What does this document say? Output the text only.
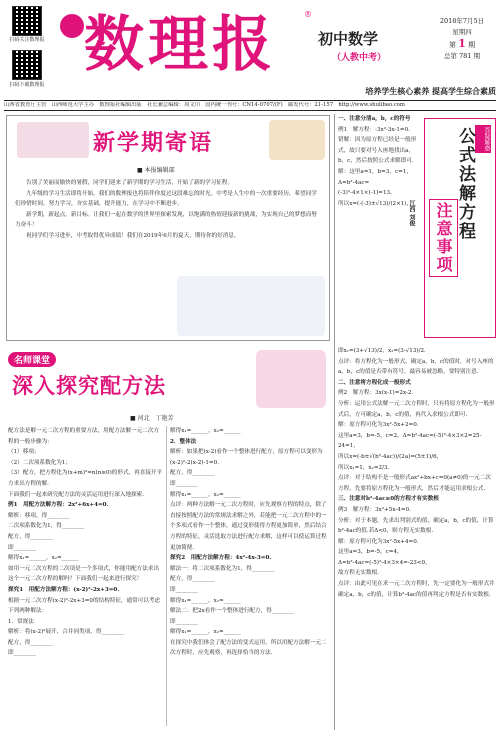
扫码关注数理报
扫码下载数理报
数理报	®
初中数学
（人教中考）
2018年7月5日
星期四
第 1 期
总第 781 期
培养学生核心素养 提高学生综合素质
山西省教育厅主管　山西师范大学主办　数理报社编辑出版　社长兼总编辑：周文川　国内统一刊号：CN14-0707/(F)　邮发代号：21-157　http://www.shulibao.com
新学期寄语
■ 本报编辑部

告别了美丽而愉快的暑假，同学们迎来了新学期的学习生活，开始了新的学习征程。

九年级的学习生活即将开始，我们的数理报也将陪伴你度过这段难忘的时光。中考是人生中的一次重要经历，希望同学们珍惜时间，努力学习，夯实基础，提升能力，在学习中不断进步。

新学期，新起点，新目标。让我们一起在数学的世界里探索发现，以饱满的热情迎接新的挑战，为实现自己的梦想而努力奋斗！

祝同学们学习进步，中考取得优异成绩！我们在2019年6月的夏天，期待你的好消息。

名师课堂
深入探究配方法
■ 河北　丁艳芳

配方法是解一元二次方程的重要方法，用配方法解一元二次方程的一般步骤为：

（1）移项；

（2）二次项系数化为1；

（3）配方，把方程化为(x+m)²=n(n≥0)的形式，再直接开平方求出方程的解.

下面我们一起来研究配方法的灵活运用进行深入地探索.

例1　用配方法解方程：2x²+6x+4=0.

解析：移项，得________

二次项系数化为1，得________

配方，得________

即________

解得x₁=______，x₂=______

如用一元二次方程的二次项是一个多项式，你能用配方法求出这个一元二次方程的解吗？下面我们一起来进行探究！

探究1　用配方法解方程：(x-2)²-2x+3=0.

根据一元二次方程(x-2)²-2x+3=0的结构特征，通常可以考虑下列两种解法：

1．常规法

解析：将(x-2)²展开，合并同类项，得________

配方，得________

即________

解得x₁=______，x₂=______

2．整体法

解析：如果把(x-2)看作一个整体进行配方，原方程可以变形为(x-2)²-2(x-2)-1=0.

配方，得________

即________

解得x₁=______，x₂=______

点评：两种方法解一元二次方程时，应先观察方程的特点，除了直接按照配方法的常规法求解之外，若能把一元二次方程中的一个多项式看作一个整体，通过变形使得方程更加简单，然后结合方程的特征，灵活选取方法进行配方求解，这样可以使运算过程更加简便.

探究2　用配方法解方程：4x²-4x-3=0.

解法一：将二次项系数化为1，得________

配方，得________

即________

解得x₁=______，x₂=______

解法二：把2x看作一个整体进行配方，得________

即________

解得x₁=______，x₂=______

在探究中我们体会了配方法的变式运用，所以用配方法解一元二次方程时，应先观察，再选择恰当的方法.

一、注意分清a，b，c的符号

例1　解方程：-3x²-3x-1=0.

错解：因为原方程已经是一般形式，故只要对号入座地找出a，b，c，然后按照公式求解即可.

解：这里a=1，b=3，c=1，Δ=b²-4ac=(-3)²-4×1×(-1)=13，

所以x=(-(-3)±√13)/(2×1)，

江西 刘俊
答疑解惑
公式法解方程
注意事项

即x₁=(3+√13)/2，x₂=(3-√13)/2.

点评：将方程化为一般形式，确定a，b，c的值时，对号入座的a，b，c的值是否带有符号，最容易被忽略，要特别注意.

二、注意将方程化成一般形式

例2　解方程：3x(x-1)=2x-2.

分析：运用公式法解一元二次方程时，只有将原方程化为一般形式后，方可确定a，b，c的值，再代入求根公式即可.

解：原方程可化为3x²-5x+2=0.

这里a=3，b=-5，c=2，Δ=b²-4ac=(-5)²-4×3×2=25-24=1，

所以x=(-b±√(b²-4ac))/(2a)=(5±1)/6，

所以x₁=1，x₂=2/3.

点评：对于结构不是一般形式ax²+bx+c=0(a≠0)的一元二次方程，先要将原方程化为一般形式，然后才能运用求根公式.

三、注意对b²-4ac≥0的方程才有实数根

例3　解方程：3x²+5x-4=0.

分析：对于本题，先求出判别式的值，确定a，b，c的值，计算b²-4ac的值.若Δ<0，则方程无实数根.

解：原方程可化为3x²-5x+4=0.

这里a=3，b=-5，c=4，

Δ=b²-4ac=(-5)²-4×3×4=-23<0，

故方程无实数根.

点评：由此可见在求一元二次方程时，先一定要化为一般形式并确定a，b，c的值，计算b²-4ac的值再判定方程是否有实数根.
